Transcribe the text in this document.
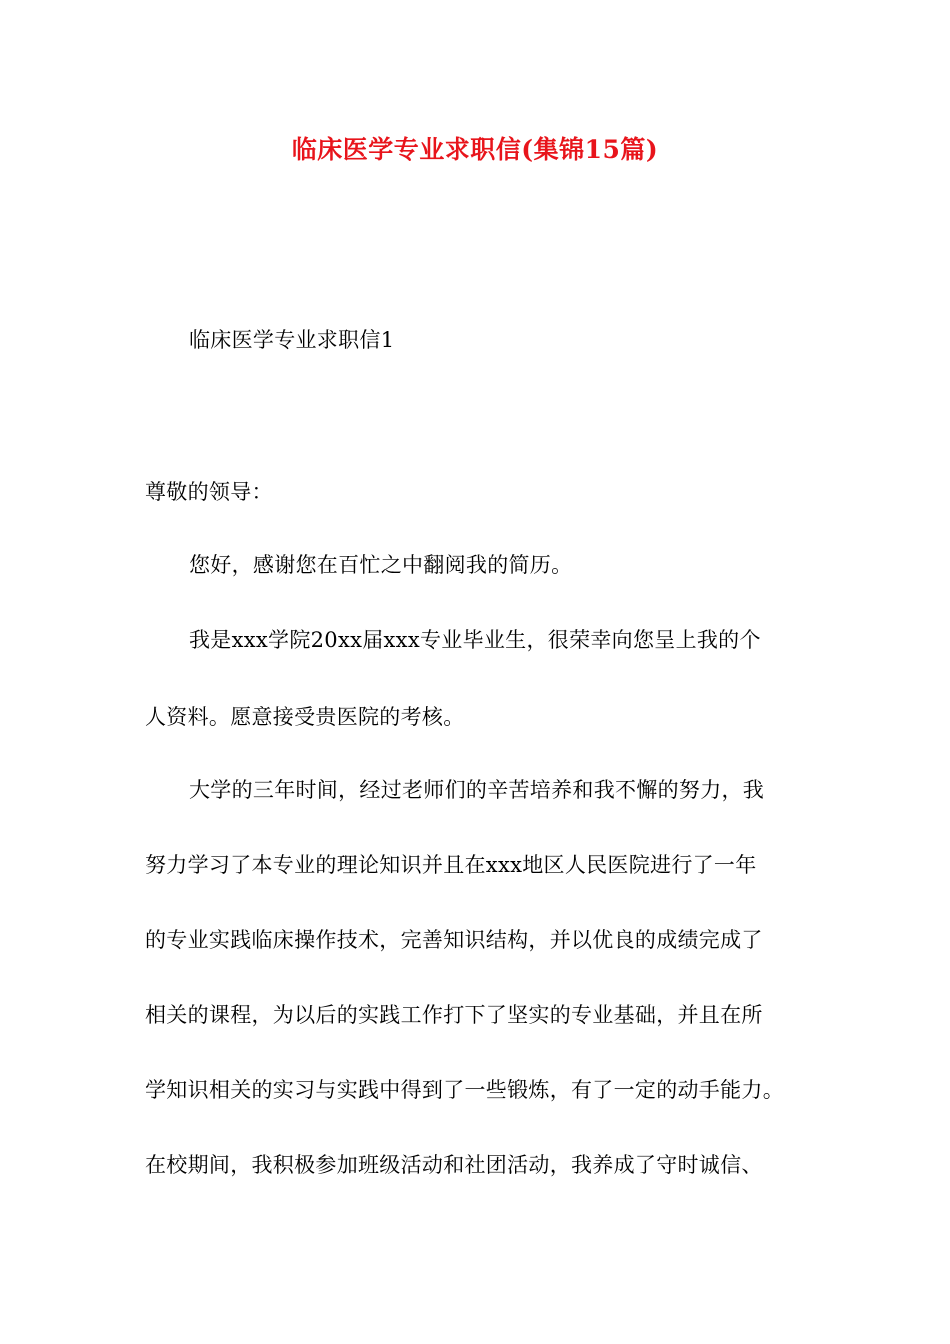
临床医学专业求职信(集锦15篇)
临床医学专业求职信1
尊敬的领导：
您好，感谢您在百忙之中翻阅我的简历。
我是xxx学院20xx届xxx专业毕业生，很荣幸向您呈上我的个
人资料。愿意接受贵医院的考核。
大学的三年时间，经过老师们的辛苦培养和我不懈的努力，我
努力学习了本专业的理论知识并且在xxx地区人民医院进行了一年
的专业实践临床操作技术，完善知识结构，并以优良的成绩完成了
相关的课程，为以后的实践工作打下了坚实的专业基础，并且在所
学知识相关的实习与实践中得到了一些锻炼，有了一定的动手能力。
在校期间，我积极参加班级活动和社团活动，我养成了守时诚信、
